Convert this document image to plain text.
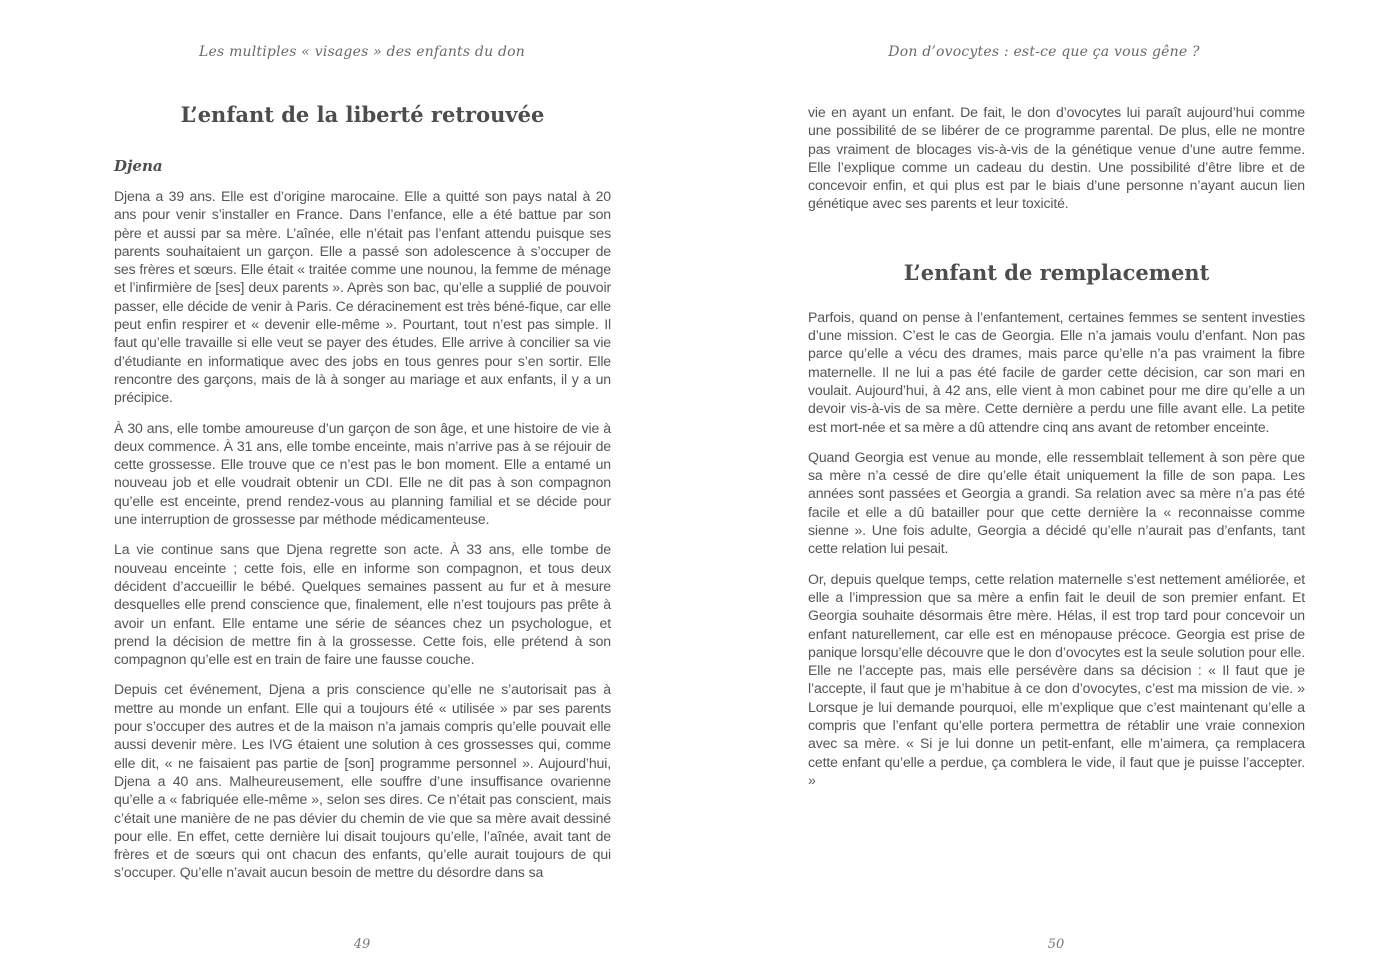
Les multiples « visages » des enfants du don
L’enfant de la liberté retrouvée
Djena

Djena a 39 ans. Elle est d’origine marocaine. Elle a quitté son pays natal à 20 ans pour venir s’installer en France. Dans l’enfance, elle a été battue par son père et aussi par sa mère. L’aînée, elle n’était pas l’enfant attendu puisque ses parents souhaitaient un garçon. Elle a passé son adolescence à s’occuper de ses frères et sœurs. Elle était « traitée comme une nounou, la femme de ménage et l’infirmière de [ses] deux parents ». Après son bac, qu’elle a supplié de pouvoir passer, elle décide de venir à Paris. Ce déracinement est très béné-fique, car elle peut enfin respirer et « devenir elle-même ». Pourtant, tout n’est pas simple. Il faut qu’elle travaille si elle veut se payer des études. Elle arrive à concilier sa vie d’étudiante en informatique avec des jobs en tous genres pour s’en sortir. Elle rencontre des garçons, mais de là à songer au mariage et aux enfants, il y a un précipice.

À 30 ans, elle tombe amoureuse d’un garçon de son âge, et une histoire de vie à deux commence. À 31 ans, elle tombe enceinte, mais n’arrive pas à se réjouir de cette grossesse. Elle trouve que ce n’est pas le bon moment. Elle a entamé un nouveau job et elle voudrait obtenir un CDI. Elle ne dit pas à son compagnon qu’elle est enceinte, prend rendez-vous au planning familial et se décide pour une interruption de grossesse par méthode médicamenteuse.

La vie continue sans que Djena regrette son acte. À 33 ans, elle tombe de nouveau enceinte ; cette fois, elle en informe son compagnon, et tous deux décident d’accueillir le bébé. Quelques semaines passent au fur et à mesure desquelles elle prend conscience que, finalement, elle n’est toujours pas prête à avoir un enfant. Elle entame une série de séances chez un psychologue, et prend la décision de mettre fin à la grossesse. Cette fois, elle prétend à son compagnon qu’elle est en train de faire une fausse couche.

Depuis cet événement, Djena a pris conscience qu’elle ne s’autorisait pas à mettre au monde un enfant. Elle qui a toujours été « utilisée » par ses parents pour s’occuper des autres et de la maison n’a jamais compris qu’elle pouvait elle aussi devenir mère. Les IVG étaient une solution à ces grossesses qui, comme elle dit, « ne faisaient pas partie de [son] programme personnel ». Aujourd’hui, Djena a 40 ans. Malheureusement, elle souffre d’une insuffisance ovarienne qu’elle a « fabriquée elle-même », selon ses dires. Ce n’était pas conscient, mais c’était une manière de ne pas dévier du chemin de vie que sa mère avait dessiné pour elle. En effet, cette dernière lui disait toujours qu’elle, l’aînée, avait tant de frères et de sœurs qui ont chacun des enfants, qu’elle aurait toujours de qui s’occuper. Qu’elle n’avait aucun besoin de mettre du désordre dans sa

49
Don d’ovocytes : est-ce que ça vous gêne ?

vie en ayant un enfant. De fait, le don d’ovocytes lui paraît aujourd’hui comme une possibilité de se libérer de ce programme parental. De plus, elle ne montre pas vraiment de blocages vis-à-vis de la génétique venue d’une autre femme. Elle l’explique comme un cadeau du destin. Une possibilité d’être libre et de concevoir enfin, et qui plus est par le biais d’une personne n’ayant aucun lien génétique avec ses parents et leur toxicité.

L’enfant de remplacement

Parfois, quand on pense à l’enfantement, certaines femmes se sentent investies d’une mission. C’est le cas de Georgia. Elle n’a jamais voulu d’enfant. Non pas parce qu’elle a vécu des drames, mais parce qu’elle n’a pas vraiment la fibre maternelle. Il ne lui a pas été facile de garder cette décision, car son mari en voulait. Aujourd’hui, à 42 ans, elle vient à mon cabinet pour me dire qu’elle a un devoir vis-à-vis de sa mère. Cette dernière a perdu une fille avant elle. La petite est mort-née et sa mère a dû attendre cinq ans avant de retomber enceinte.

Quand Georgia est venue au monde, elle ressemblait tellement à son père que sa mère n’a cessé de dire qu’elle était uniquement la fille de son papa. Les années sont passées et Georgia a grandi. Sa relation avec sa mère n’a pas été facile et elle a dû batailler pour que cette dernière la « reconnaisse comme sienne ». Une fois adulte, Georgia a décidé qu’elle n’aurait pas d’enfants, tant cette relation lui pesait.

Or, depuis quelque temps, cette relation maternelle s’est nettement améliorée, et elle a l’impression que sa mère a enfin fait le deuil de son premier enfant. Et Georgia souhaite désormais être mère. Hélas, il est trop tard pour concevoir un enfant naturellement, car elle est en ménopause précoce. Georgia est prise de panique lorsqu’elle découvre que le don d’ovocytes est la seule solution pour elle. Elle ne l’accepte pas, mais elle persévère dans sa décision : « Il faut que je l’accepte, il faut que je m’habitue à ce don d’ovocytes, c’est ma mission de vie. » Lorsque je lui demande pourquoi, elle m’explique que c’est maintenant qu’elle a compris que l’enfant qu’elle portera permettra de rétablir une vraie connexion avec sa mère. « Si je lui donne un petit-enfant, elle m’aimera, ça remplacera cette enfant qu’elle a perdue, ça comblera le vide, il faut que je puisse l’accepter. »

50
